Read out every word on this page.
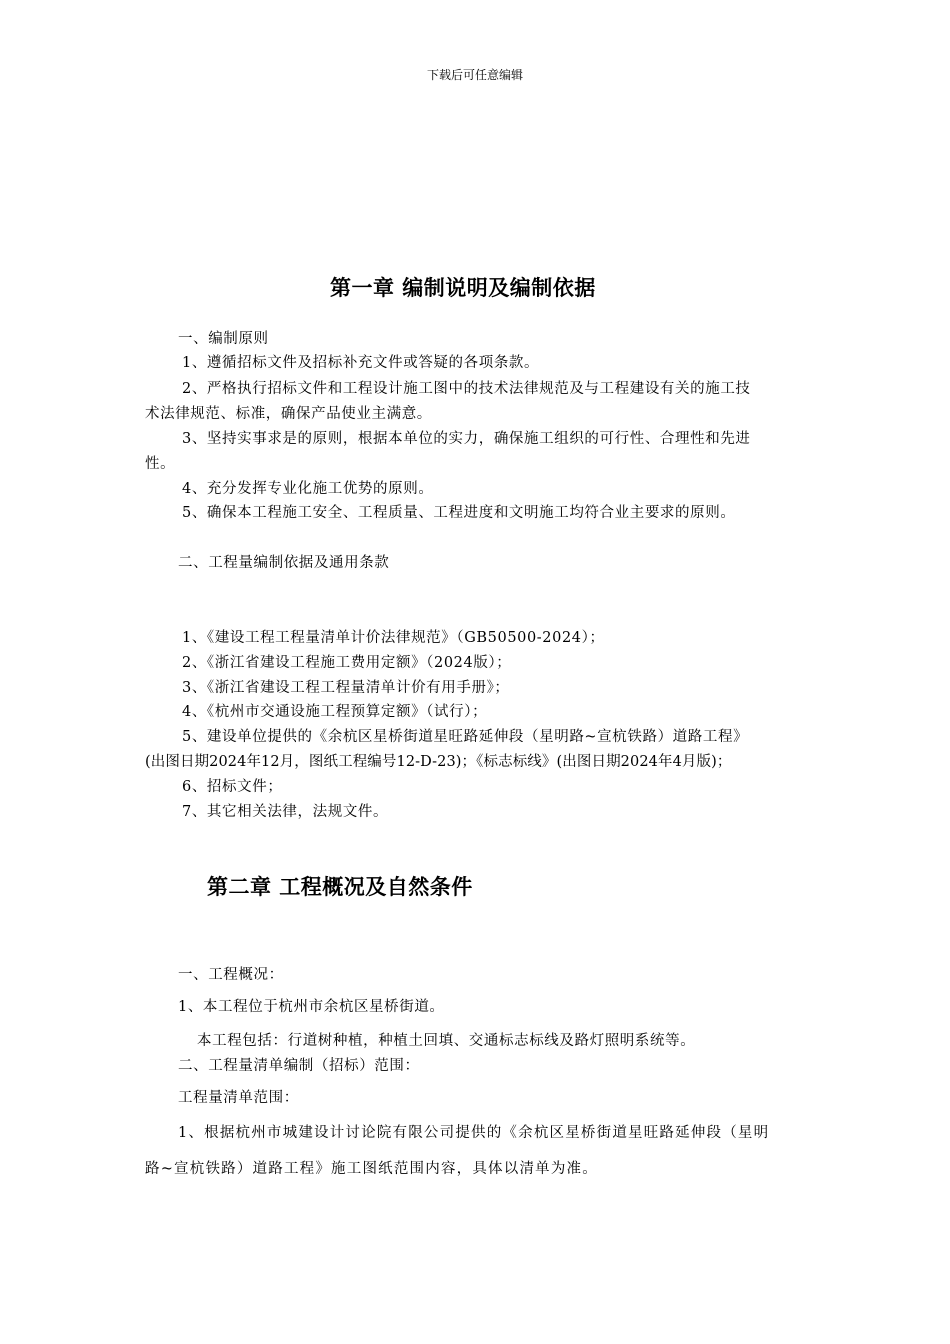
下载后可任意编辑
第一章 编制说明及编制依据
一、编制原则
1、遵循招标文件及招标补充文件或答疑的各项条款。
2、严格执行招标文件和工程设计施工图中的技术法律规范及与工程建设有关的施工技
术法律规范、标准，确保产品使业主满意。
3、坚持实事求是的原则，根据本单位的实力，确保施工组织的可行性、合理性和先进
性。
4、充分发挥专业化施工优势的原则。
5、确保本工程施工安全、工程质量、工程进度和文明施工均符合业主要求的原则。
二、工程量编制依据及通用条款
1、《建设工程工程量清单计价法律规范》（GB50500-2024）；
2、《浙江省建设工程施工费用定额》（2024版）；
3、《浙江省建设工程工程量清单计价有用手册》；
4、《杭州市交通设施工程预算定额》（试行）；
5、建设单位提供的《余杭区星桥街道星旺路延伸段（星明路~宣杭铁路）道路工程》
(出图日期2024年12月，图纸工程编号12-D-23)；《标志标线》(出图日期2024年4月版)；
6、招标文件；
7、其它相关法律，法规文件。
第二章 工程概况及自然条件
一、工程概况：
1、本工程位于杭州市余杭区星桥街道。
本工程包括：行道树种植，种植土回填、交通标志标线及路灯照明系统等。
二、工程量清单编制（招标）范围：
工程量清单范围：
1、根据杭州市城建设计讨论院有限公司提供的《余杭区星桥街道星旺路延伸段（星明
路~宣杭铁路）道路工程》施工图纸范围内容，具体以清单为准。
